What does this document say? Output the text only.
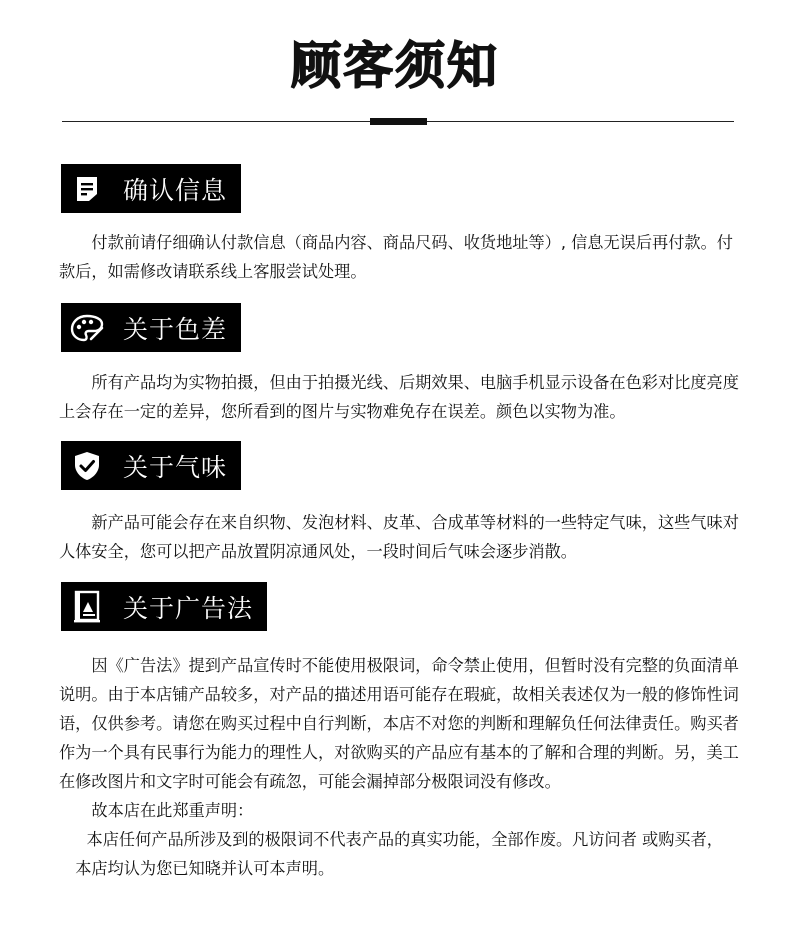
顾客须知
确认信息

付款前请仔细确认付款信息（商品内容、商品尺码、收货地址等）, 信息无误后再付款。付款后，如需修改请联系线上客服尝试处理。

关于色差

所有产品均为实物拍摄，但由于拍摄光线、后期效果、电脑手机显示设备在色彩对比度亮度上会存在一定的差异，您所看到的图片与实物难免存在误差。颜色以实物为准。

关于气味

新产品可能会存在来自织物、发泡材料、皮革、合成革等材料的一些特定气味，这些气味对人体安全，您可以把产品放置阴凉通风处，一段时间后气味会逐步消散。

关于广告法

因《广告法》提到产品宣传时不能使用极限词，命令禁止使用，但暂时没有完整的负面清单说明。由于本店铺产品较多，对产品的描述用语可能存在瑕疵，故相关表述仅为一般的修饰性词语，仅供参考。请您在购买过程中自行判断，本店不对您的判断和理解负任何法律责任。购买者作为一个具有民事行为能力的理性人，对欲购买的产品应有基本的了解和合理的判断。另，美工在修改图片和文字时可能会有疏忽，可能会漏掉部分极限词没有修改。

故本店在此郑重声明：

本店任何产品所涉及到的极限词不代表产品的真实功能，全部作废。凡访问者 或购买者，本店均认为您已知晓并认可本声明。
